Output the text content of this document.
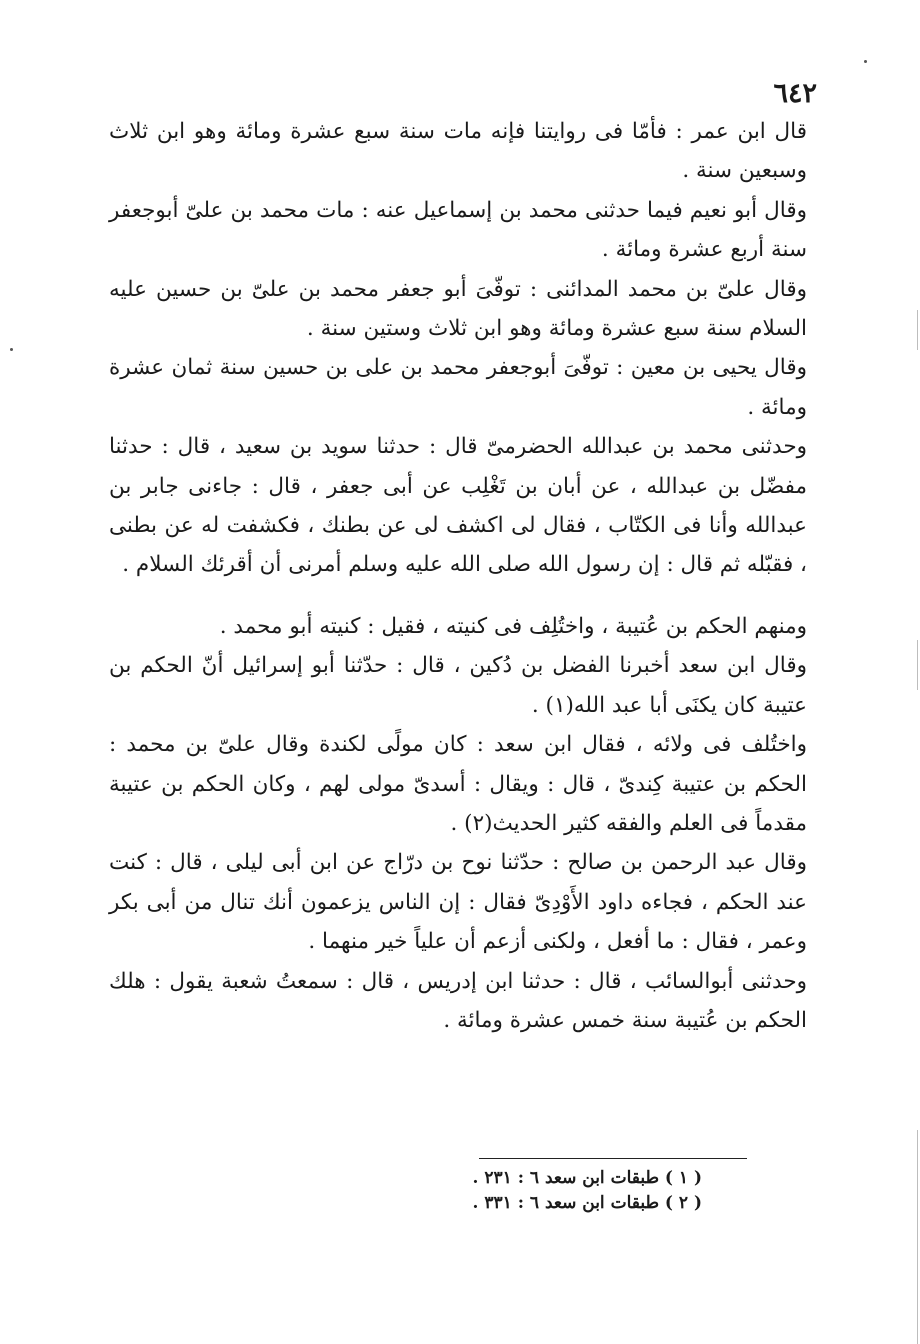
٦٤٢

قال ابن عمر : فأمّا فى روايتنا فإنه مات سنة سبع عشرة ومائة وهو ابن ثلاث وسبعين سنة .

وقال أبو نعيم فيما حدثنى محمد بن إسماعيل عنه : مات محمد بن علىّ أبوجعفر سنة أربع عشرة ومائة .

وقال علىّ بن محمد المدائنى : توفّىَ أبو جعفر محمد بن علىّ بن حسين عليه السلام سنة سبع عشرة ومائة وهو ابن ثلاث وستين سنة .

وقال يحيى بن معين : توفّىَ أبوجعفر محمد بن على بن حسين سنة ثمان عشرة ومائة .

وحدثنى محمد بن عبدالله الحضرمىّ قال : حدثنا سويد بن سعيد ، قال : حدثنا مفضّل بن عبدالله ، عن أبان بن تَغْلِب عن أبى جعفر ، قال : جاءنى جابر بن عبدالله وأنا فى الكتّاب ، فقال لى اكشف لى عن بطنك ، فكشفت له عن بطنى ، فقبّله ثم قال : إن رسول الله صلى الله عليه وسلم أمرنى أن أقرئك السلام .

ومنهم الحكم بن عُتيبة ، واختُلِف فى كنيته ، فقيل : كنيته أبو محمد .

وقال ابن سعد أخبرنا الفضل بن دُكين ، قال : حدّثنا أبو إسرائيل أنّ الحكم بن عتيبة كان يكنَى أبا عبد الله(١) .

واختُلف فى ولائه ، فقال ابن سعد : كان مولًى لكندة وقال علىّ بن محمد : الحكم بن عتيبة كِندىّ ، قال : ويقال : أسدىّ مولى لهم ، وكان الحكم بن عتيبة مقدماً فى العلم والفقه كثير الحديث(٢) .

وقال عبد الرحمن بن صالح : حدّثنا نوح بن درّاج عن ابن أبى ليلى ، قال : كنت عند الحكم ، فجاءه داود الأَوْدِىّ فقال : إن الناس يزعمون أنك تنال من أبى بكر وعمر ، فقال : ما أفعل ، ولكنى أزعم أن علياً خير منهما .

وحدثنى أبوالسائب ، قال : حدثنا ابن إدريس ، قال : سمعتُ شعبة يقول : هلك الحكم بن عُتيبة سنة خمس عشرة ومائة .

( ١ ) طبقات ابن سعد ٦ : ٢٣١ .
( ٢ ) طبقات ابن سعد ٦ : ٣٣١ .
